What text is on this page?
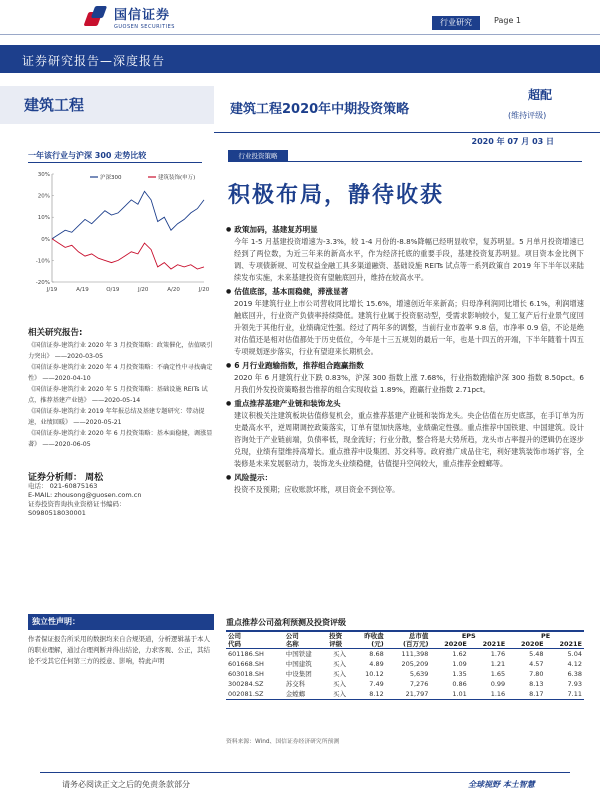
国信证券
GUOSEN SECURITIES	行业研究	Page 1
证券研究报告—深度报告
建筑工程	建筑工程2020年中期投资策略
超配
(维持评级)
2020 年 07 月 03 日
一年该行业与沪深 300 走势比较
30%
20%
10%
0%
-10%
-20%
J/19	A/19	O/19	J/20	A/20	J/20
沪深300	建筑装饰(申万)
相关研究报告:
《国信证券-建筑行业 2020 年 3 月投资策略：政策催化，估值吸引力突出》 ——2020-03-05
《国信证券-建筑行业 2020 年 4 月投资策略：不确定性中寻找确定性》 ——2020-04-10
《国信证券-建筑行业 2020 年 5 月投资策略：基础设施 REITs 试点，推荐基建产业链》 ——2020-05-14
《国信证券-建筑行业 2019 年年报总结及基建专题研究：带动提速，业绩回暖》 ——2020-05-21
《国信证券-建筑行业 2020 年 6 月投资策略：基本面稳健，调涨显著》 ——2020-06-05
证券分析师： 周松
电话： 021-60875163
E-MAIL: zhousong@guosen.com.cn
证券投资咨询执业资格证书编码：
S0980518030001
独立性声明：
作者保证报告所采用的数据均来自合规渠道，分析逻辑基于本人的职业理解，通过合理判断并得出结论，力求客观、公正，其结论不受其它任何第三方的授意、影响，特此声明
行业投资策略
积极布局，静待收获
● 政策加码，基建复苏明显
今年 1-5 月基建投资增速为-3.3%，较 1-4 月份的-8.8%降幅已经明显收窄，复苏明显。5 月单月投资增速已经到了两位数，为近三年来的新高水平，作为经济托底的重要手段，基建投资复苏明显。项目资本金比例下调、专项债新规、可发权益金融工具多渠道融资、基础设施 REITs 试点等一系列政策自 2019 年下半年以来陆续发布实施，未来基建投资有望触底回升，维持在较高水平。
● 估值底部，基本面稳健，滞涨显著
2019 年建筑行业上市公司营收同比增长 15.6%，增速创近年来新高；归母净利润同比增长 6.1%，利润增速触底回升，行业资产负债率持续降低。建筑行业属于投资驱动型，受需求影响较小，复工复产后行业景气度回升领先于其他行业，业绩确定性强。经过了两年多的调整，当前行业市盈率 9.8 倍，市净率 0.9 倍，不论是绝对估值还是相对估值都处于历史低位，今年是十三五规划的最后一年，也是十四五的开端，下半年随着十四五专项规划逐步落实，行业有望迎来长期机会。
● 6 月行业跑输指数，推荐组合跑赢指数
2020 年 6 月建筑行业下跌 0.83%，沪深 300 指数上涨 7.68%，行业指数跑输沪深 300 指数 8.50pct。6 月我们外发投资策略报告推荐的组合实现收益 1.89%，跑赢行业指数 2.71pct。
● 重点推荐基建产业链和装饰龙头
建议积极关注建筑板块估值修复机会，重点推荐基建产业链和装饰龙头。央企估值在历史底部，在手订单为历史最高水平，逆周期调控政策落实，订单有望加快落地，业绩确定性强。重点推荐中国铁建、中国建筑。设计咨询处于产业链前端，负债率低，现金流好；行业分散，整合将是大势所趋，龙头市占率提升的逻辑仍在逐步兑现，业绩有望维持高增长。重点推荐中设集团、苏交科等。政府推广成品住宅，利好建筑装饰市场扩容，全装修是未来发展驱动力，装饰龙头业绩稳健，估值提升空间较大，重点推荐金螳螂等。
● 风险提示：
投资不及预期；应收账款坏账，项目资金不到位等。
重点推荐公司盈利预测及投资评级
公司	公司	投资	昨收盘	总市值	EPS		PE	
代码	名称	评级	(元)	(百万元)	2020E	2021E	2020E	2021E
601186.SH	中国铁建	买入	8.68	111,398	1.62	1.76	5.48	5.04
601668.SH	中国建筑	买入	4.89	205,209	1.09	1.21	4.57	4.12
603018.SH	中设集团	买入	10.12	5,639	1.35	1.65	7.80	6.38
300284.SZ	苏交科	买入	7.49	7,276	0.86	0.99	8.13	7.93
002081.SZ	金螳螂	买入	8.12	21,797	1.01	1.16	8.17	7.11
资料来源：Wind、国信证券经济研究所预测
请务必阅读正文之后的免责条款部分	全球视野 本土智慧
